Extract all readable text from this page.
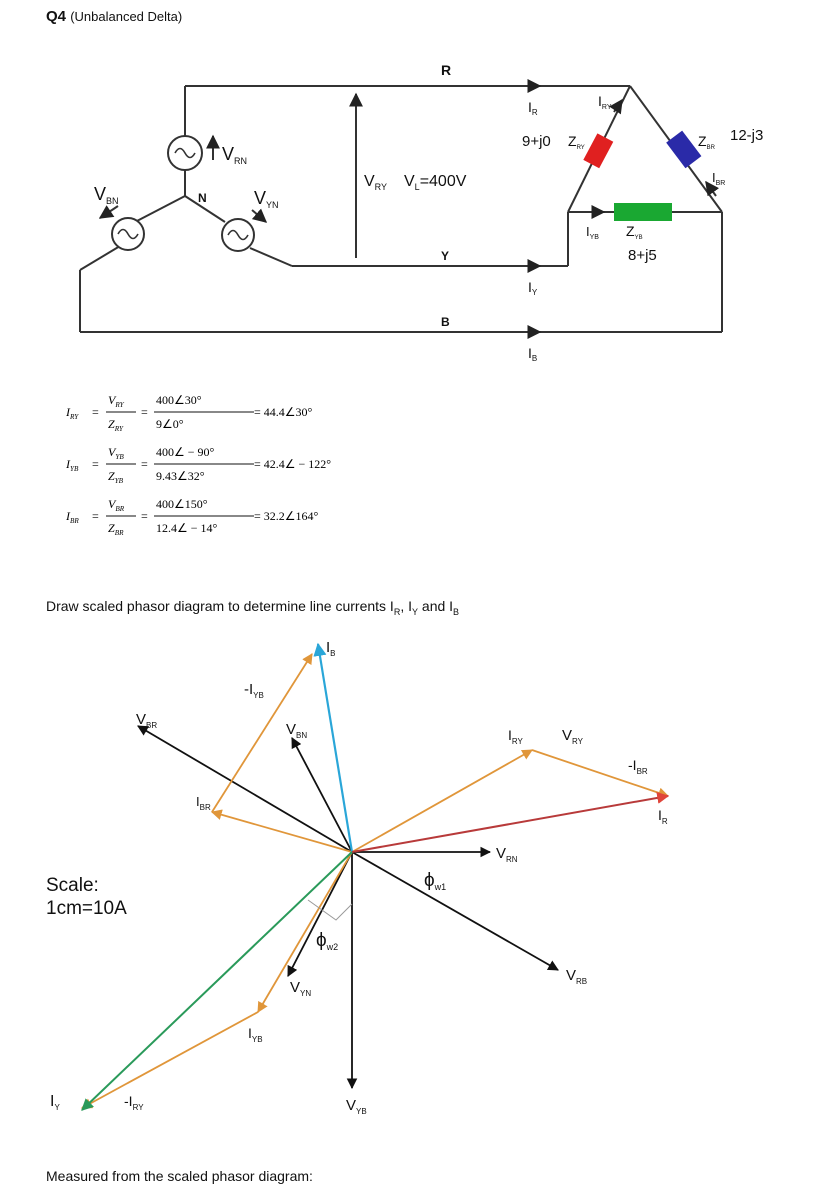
Q4 (Unbalanced Delta)
R
Y
B
N
$V_{RN}$
$V_{BN}$	$V_{YN}$
$V_{RY}$ $V_L=400V$
$I_R$
$I_Y$
$I_B$
$I_{RY}$
$I_{YB}$
$I_{BR}$
9+j0 $Z_{RY}$
$Z_{YB}$
8+j5
$Z_{BR}$
12-j3
$I_{RY}$ =
$V_{RY}$
$Z_{RY}$
=
400∠30°
9∠0°
= 44.4∠30°
$I_{YB}$ =
$V_{YB}$
$Z_{YB}$
=
400∠ − 90°
9.43∠32°
= 42.4∠ − 122°
$I_{BR}$ =
$V_{BR}$
$Z_{BR}$
=
400∠150°
12.4∠ − 14°
= 32.2∠164°
Draw scaled phasor diagram to determine line currents $I_R$, $I_Y$ and $I_B$
Scale:
1cm=10A
$I_B$
$-I_{YB}$
$V_{BR}$	$V_{BN}$
$I_{BR}$
$I_{RY}$	$V_{RY}$
$-I_{BR}$
$I_R$
$V_{RN}$
$\phi_{w1}$
$\phi_{w2}$
$V_{RB}$
$V_{YN}$
$I_{YB}$
$I_Y$	$-I_{RY}$	$V_{YB}$
Measured from the scaled phasor diagram:
